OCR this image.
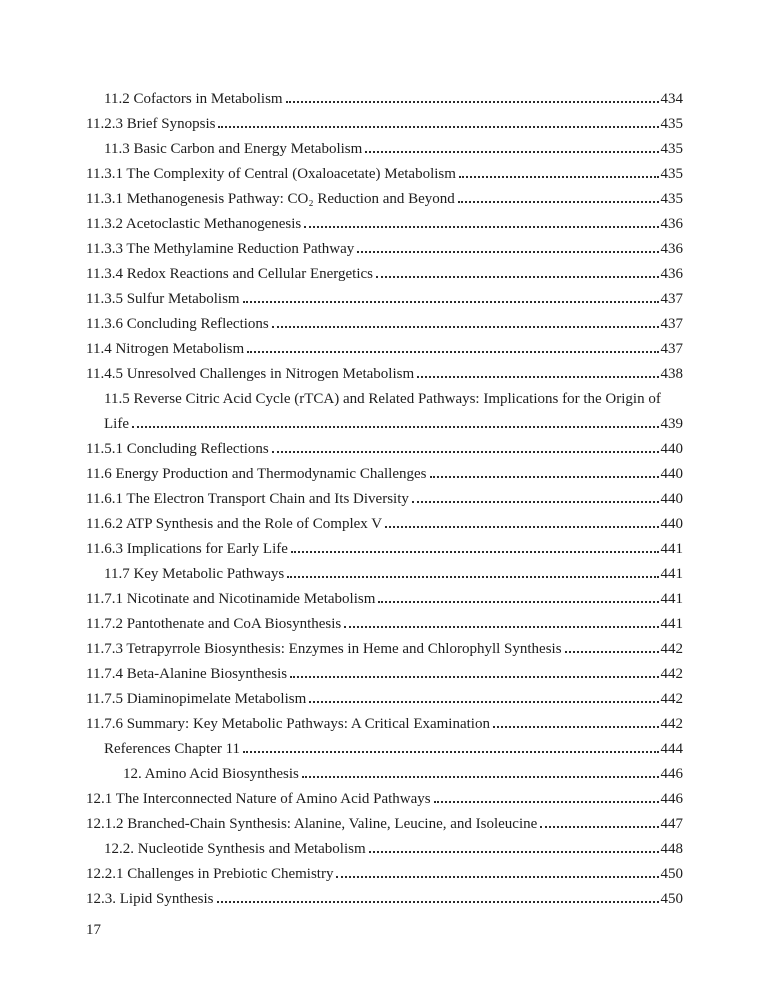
11.2 Cofactors in Metabolism	434

11.2.3 Brief Synopsis	435

11.3 Basic Carbon and Energy Metabolism	435

11.3.1 The Complexity of Central (Oxaloacetate) Metabolism	435

11.3.1 Methanogenesis Pathway: CO₂ Reduction and Beyond	435

11.3.2 Acetoclastic Methanogenesis	436

11.3.3 The Methylamine Reduction Pathway	436

11.3.4 Redox Reactions and Cellular Energetics	436

11.3.5 Sulfur Metabolism	437

11.3.6 Concluding Reflections	437

11.4 Nitrogen Metabolism	437

11.4.5 Unresolved Challenges in Nitrogen Metabolism	438

11.5 Reverse Citric Acid Cycle (rTCA) and Related Pathways: Implications for the Origin of

Life	439

11.5.1 Concluding Reflections	440

11.6 Energy Production and Thermodynamic Challenges	440

11.6.1 The Electron Transport Chain and Its Diversity	440

11.6.2 ATP Synthesis and the Role of Complex V	440

11.6.3 Implications for Early Life	441

11.7 Key Metabolic Pathways	441

11.7.1 Nicotinate and Nicotinamide Metabolism	441

11.7.2 Pantothenate and CoA Biosynthesis	441

11.7.3 Tetrapyrrole Biosynthesis: Enzymes in Heme and Chlorophyll Synthesis	442

11.7.4 Beta-Alanine Biosynthesis	442

11.7.5 Diaminopimelate Metabolism	442

11.7.6 Summary: Key Metabolic Pathways: A Critical Examination	442

References Chapter 11	444

12. Amino Acid Biosynthesis	446

12.1 The Interconnected Nature of Amino Acid Pathways	446

12.1.2 Branched-Chain Synthesis: Alanine, Valine, Leucine, and Isoleucine	447

12.2. Nucleotide Synthesis and Metabolism	448

12.2.1 Challenges in Prebiotic Chemistry	450

12.3. Lipid Synthesis	450

17
